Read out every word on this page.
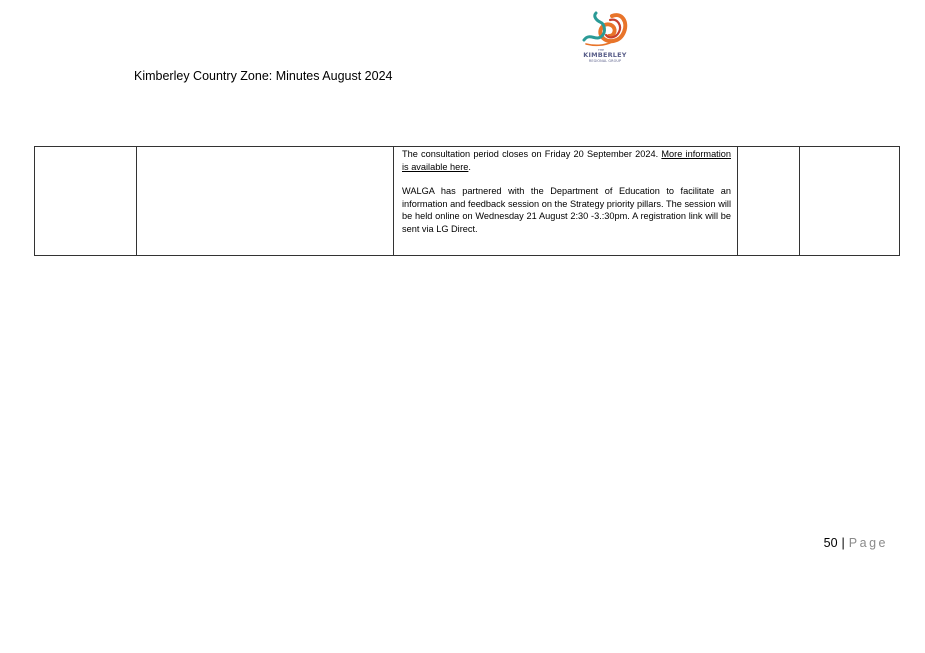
THE
KIMBERLEY
REGIONAL GROUP
Kimberley Country Zone: Minutes August 2024

The consultation period closes on Friday 20 September 2024. More information is available here.

WALGA has partnered with the Department of Education to facilitate an information and feedback session on the Strategy priority pillars. The session will be held online on Wednesday 21 August 2:30 -3.:30pm. A registration link will be sent via LG Direct.

50 | Page
